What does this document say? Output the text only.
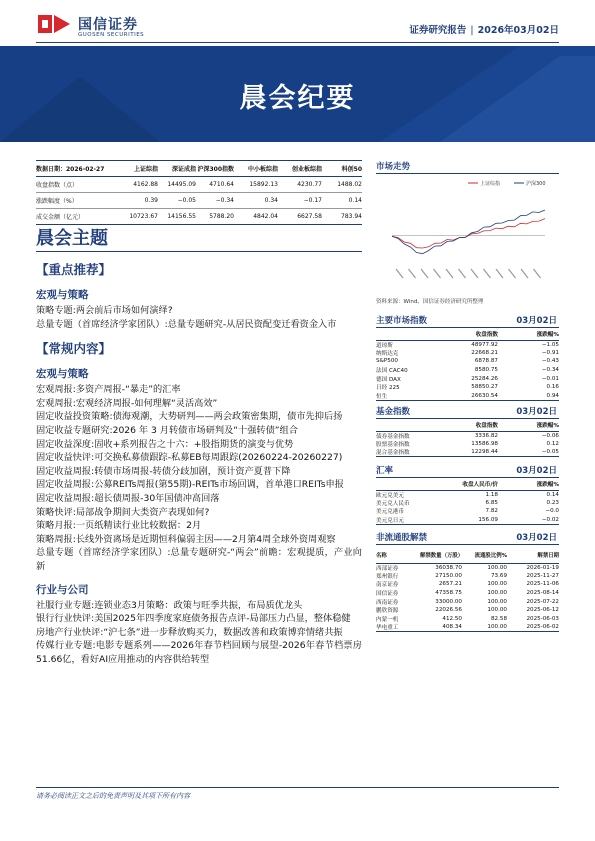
国信证券
GUOSEN SECURITIES	证券研究报告 | 2026年03月02日
晨会纪要
数据日期：2026-02-27	上证综指	深证成指	沪深300指数	中小板综指	创业板综指	科创50
收盘指数（点）	4162.88	14495.09	4710.64	15892.13	4230.77	1488.02
涨跌幅度（%）	0.39	−0.05	−0.34	0.34	−0.17	0.14
成交金额（亿元）	10723.67	14156.55	5788.20	4842.04	6627.58	783.94
晨会主题
【重点推荐】
宏观与策略
策略专题:两会前后市场如何演绎?
总量专题（首席经济学家团队）:总量专题研究-从居民资配变迁看资金入市
【常规内容】
宏观与策略
宏观周报:多资产周报-“暴走”的汇率
宏观周报:宏观经济周报-如何理解“灵活高效”
固定收益投资策略:债海观潮，大势研判——两会政策密集期，债市先抑后扬
固定收益专题研究:2026 年 3 月转债市场研判及“十强转债”组合
固定收益深度:固收+系列报告之十六：+股指期货的演变与优势
固定收益快评:可交换私募债跟踪-私募EB每周跟踪(20260224-20260227)
固定收益周报:转债市场周报-转债分歧加剧，预计资产夏普下降
固定收益周报:公募REITs周报(第55期)-REITs市场回调，首单港口REITs申报
固定收益周报:超长债周报-30年国债冲高回落
策略快评:局部战争期间大类资产表现如何?
策略月报:一页纸精读行业比较数据：2月
策略周报:长线外资离场是近期恒科偏弱主因——2月第4周全球外资周观察
总量专题（首席经济学家团队）:总量专题研究-“两会”前瞻：宏观提质，产业向新
行业与公司
社服行业专题:连锁业态3月策略：政策与旺季共振，布局质优龙头
银行行业快评:美国2025年四季度家庭债务报告点评-局部压力凸显，整体稳健
房地产行业快评:“沪七条”进一步释放购买力，数据改善和政策博弈情绪共振
传媒行业专题:电影专题系列——2026年春节档回顾与展望-2026年春节档票房51.66亿，看好AI应用推动的内容供给转型
市场走势
上证综指	沪深300
资料来源：Wind、国信证券经济研究所整理
主要市场指数	03月02日
	收盘指数	涨跌幅%
道琼斯	48977.92	−1.05
纳斯达克	22668.21	−0.91
S&P500	6878.87	−0.43
法国 CAC40	8580.75	−0.34
德国 DAX	25284.26	−0.01
日经 225	58850.27	0.16
恒生	26630.54	0.94
基金指数	03月02日
	收盘指数	涨跌幅%
债券基金指数	3336.82	−0.06
股票基金指数	13586.98	0.12
混合基金指数	12298.44	−0.05
汇率	03月02日
	收盘人民币/价	涨跌幅%
欧元兑美元	1.18	0.14
美元兑人民币	6.85	0.23
美元兑港币	7.82	−0.0
美元兑日元	156.09	−0.02
非流通股解禁	03月02日
名称	解禁数量（万股）	流通股比例%	解禁日期
西部证券	36038.70	100.00	2026-01-19
郑州银行	27150.00	73.69	2025-11-27
南京证券	2657.21	100.00	2025-11-06
国信证券	47358.75	100.00	2025-08-14
西南证券	33000.00	100.00	2025-07-22
鹏欣资源	22026.56	100.00	2025-06-12
内蒙一机	412.50	82.58	2025-06-03
华电重工	408.34	100.00	2025-06-02
请务必阅读正文之后的免责声明及其项下所有内容
